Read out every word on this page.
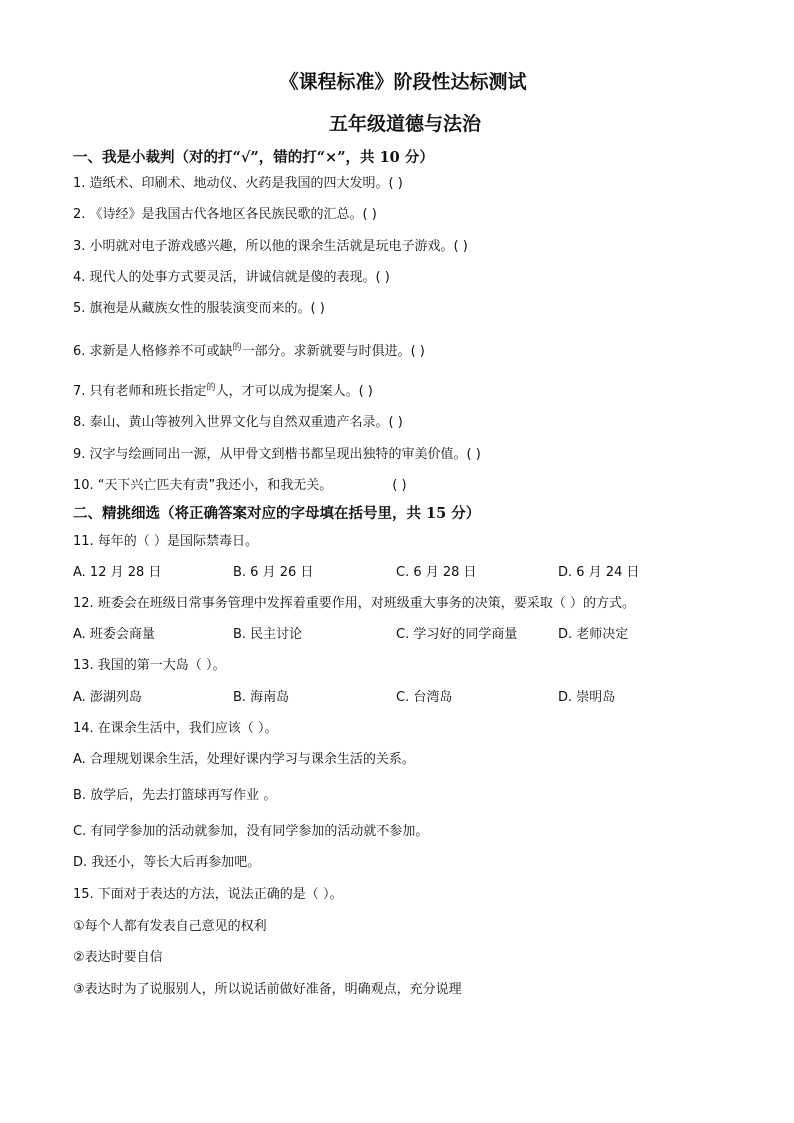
《课程标准》阶段性达标测试
五年级道德与法治
一、我是小裁判（对的打“√”，错的打“×”，共 10 分）
1. 造纸术、印刷术、地动仪、火药是我国的四大发明。( )
2. 《诗经》是我国古代各地区各民族民歌的汇总。( )
3. 小明就对电子游戏感兴趣，所以他的课余生活就是玩电子游戏。( )
4. 现代人的处事方式要灵活，讲诚信就是傻的表现。( )
5. 旗袍是从藏族女性的服装演变而来的。( )
6. 求新是人格修养不可或缺$^的$一部分。求新就要与时俱进。( )
7. 只有老师和班长指定$^的$人，才可以成为提案人。( )
8. 泰山、黄山等被列入世界文化与自然双重遗产名录。( )
9. 汉字与绘画同出一源，从甲骨文到楷书都呈现出独特的审美价值。( )
10. “天下兴亡匹夫有责”我还小，和我无关。	( )
二、精挑细选（将正确答案对应的字母填在括号里，共 15 分）
11. 每年的（ ）是国际禁毒日。
A. 12 月 28 日	B. 6 月 26 日	C. 6 月 28 日	D. 6 月 24 日
12. 班委会在班级日常事务管理中发挥着重要作用，对班级重大事务的决策，要采取（ ）的方式。
A. 班委会商量	B. 民主讨论	C. 学习好的同学商量	D. 老师决定
13. 我国的第一大岛（ ）。
A. 澎湖列岛	B. 海南岛	C. 台湾岛	D. 崇明岛
14. 在课余生活中，我们应该（ ）。
A. 合理规划课余生活，处理好课内学习与课余生活的关系。
B. 放学后，先去打篮球再写作业 。
C. 有同学参加的活动就参加，没有同学参加的活动就不参加。
D. 我还小，等长大后再参加吧。
15. 下面对于表达的方法，说法正确的是（ ）。
①每个人都有发表自己意见的权利
②表达时要自信
③表达时为了说服别人，所以说话前做好准备，明确观点，充分说理
